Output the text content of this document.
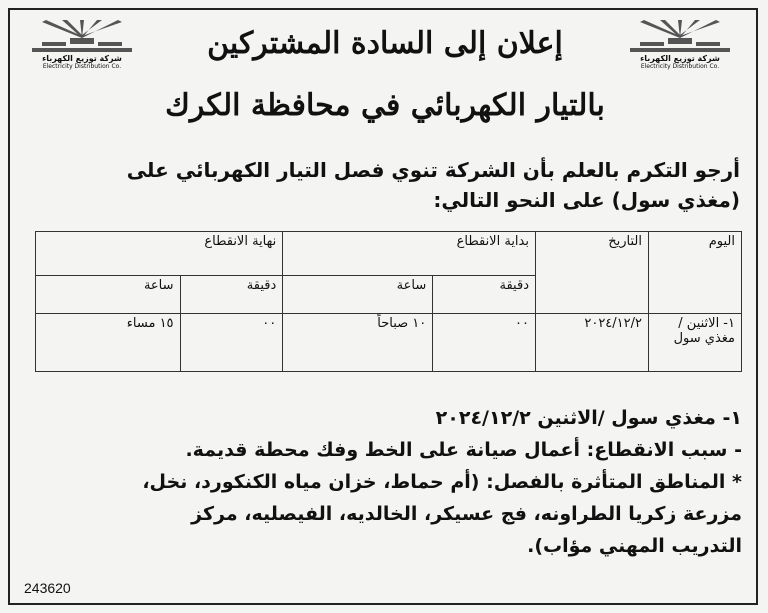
شركة توزيع الكهرباء
Electricity Distribution Co.
شركة توزيع الكهرباء
Electricity Distribution Co.
إعلان إلى السادة المشتركين
بالتيار الكهربائي في محافظة الكرك
أرجو التكرم بالعلم بأن الشركة تنوي فصل التيار الكهربائي على
(مغذي سول) على النحو التالي:
اليوم	التاريخ	بداية الانقطاع		نهاية الانقطاع	
		دقيقة	ساعة	دقيقة	ساعة
١- الاثنين / مغذي سول	٢٠٢٤/١٢/٢	٠٠	١٠ صباحاً	٠٠	١٥ مساء
١- مغذي سول /الاثنين ٢٠٢٤/١٢/٢
- سبب الانقطاع: أعمال صيانة على الخط وفك محطة قديمة.
* المناطق المتأثرة بالفصل: (أم حماط، خزان مياه الكنكورد، نخل،
مزرعة زكريا الطراونه، فج عسيكر، الخالديه، الفيصليه، مركز
التدريب المهني مؤاب).
243620
